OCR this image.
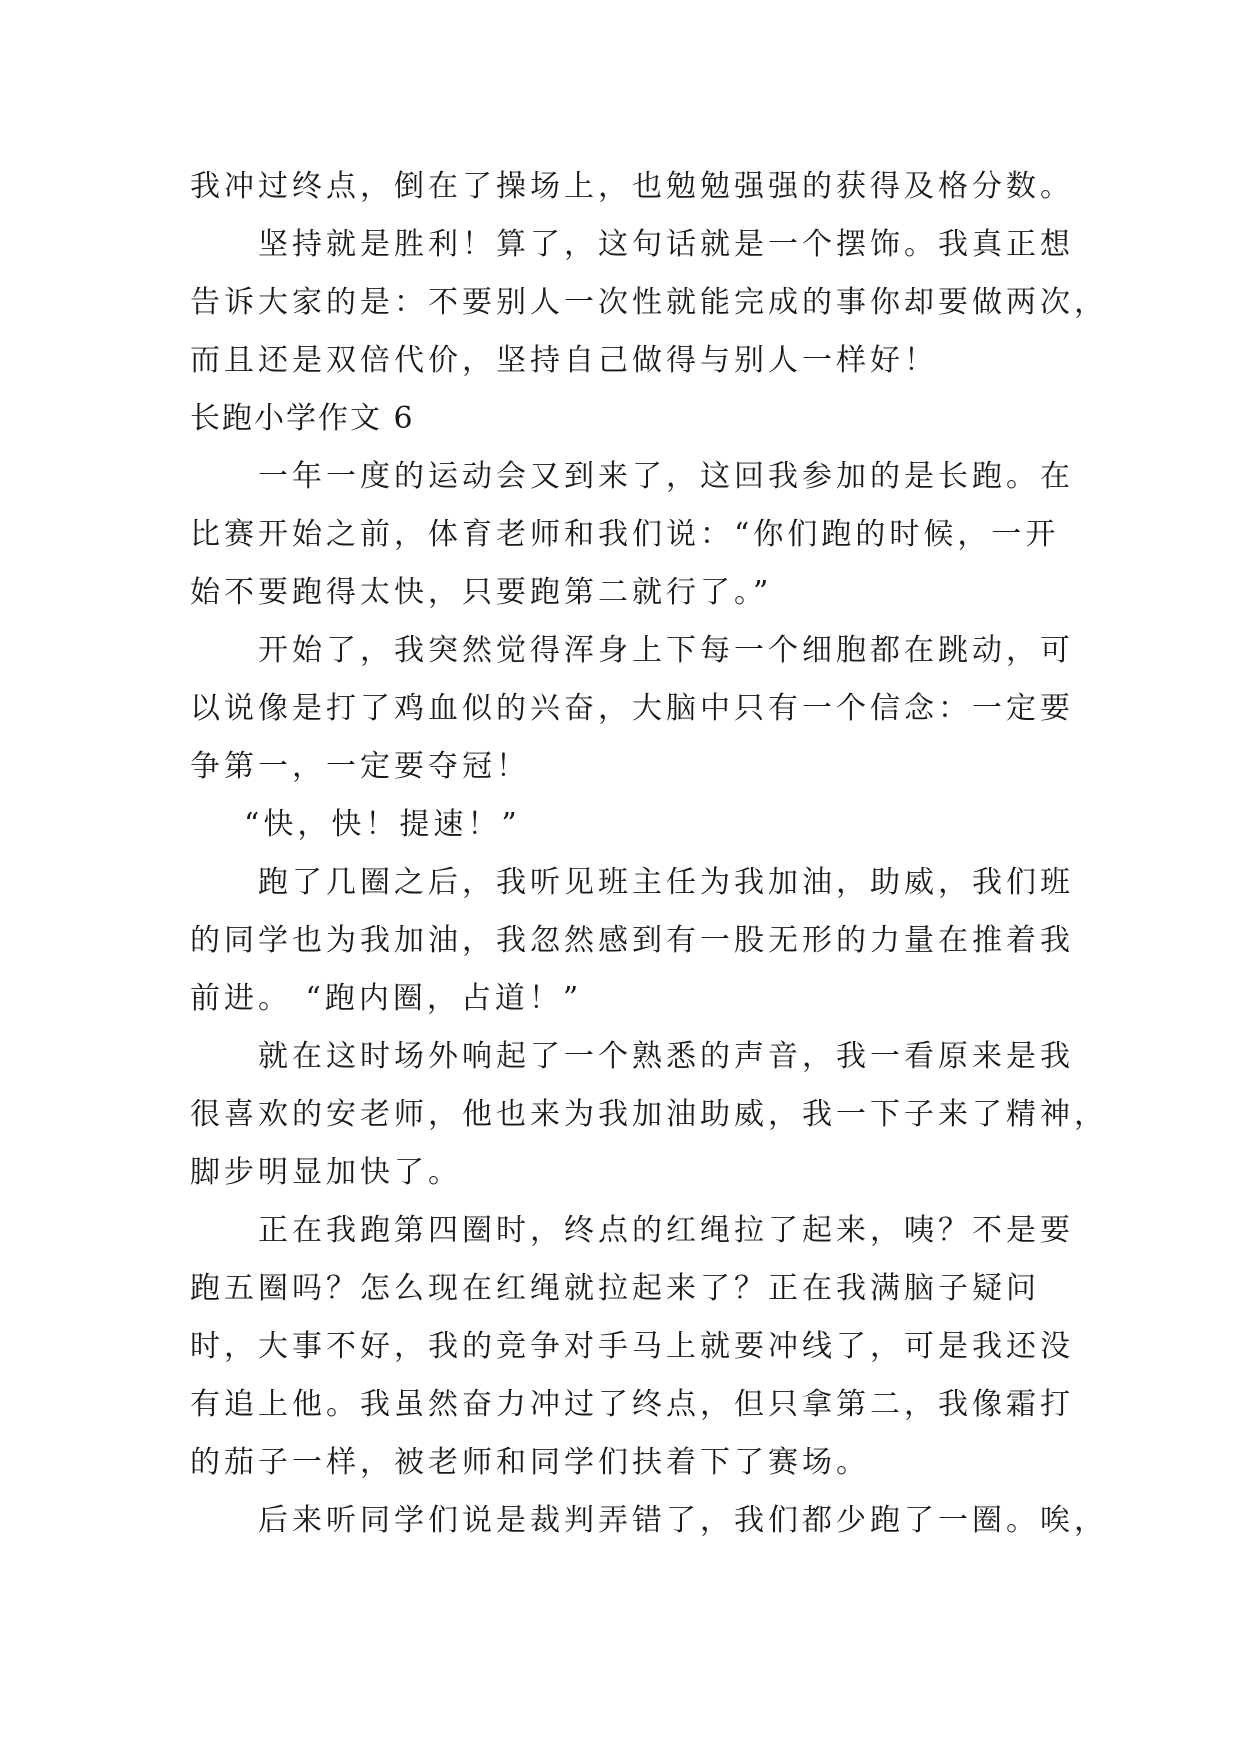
我冲过终点，倒在了操场上，也勉勉强强的获得及格分数。
坚持就是胜利！算了，这句话就是一个摆饰。我真正想
告诉大家的是：不要别人一次性就能完成的事你却要做两次，
而且还是双倍代价，坚持自己做得与别人一样好！
长跑小学作文 6
一年一度的运动会又到来了，这回我参加的是长跑。在
比赛开始之前，体育老师和我们说：“你们跑的时候，一开
始不要跑得太快，只要跑第二就行了。”
开始了，我突然觉得浑身上下每一个细胞都在跳动，可
以说像是打了鸡血似的兴奋，大脑中只有一个信念：一定要
争第一，一定要夺冠！
“快，快！提速！”
跑了几圈之后，我听见班主任为我加油，助威，我们班
的同学也为我加油，我忽然感到有一股无形的力量在推着我
前进。 “跑内圈，占道！”
就在这时场外响起了一个熟悉的声音，我一看原来是我
很喜欢的安老师，他也来为我加油助威，我一下子来了精神，
脚步明显加快了。
正在我跑第四圈时，终点的红绳拉了起来，咦？不是要
跑五圈吗？怎么现在红绳就拉起来了？正在我满脑子疑问
时，大事不好，我的竞争对手马上就要冲线了，可是我还没
有追上他。我虽然奋力冲过了终点，但只拿第二，我像霜打
的茄子一样，被老师和同学们扶着下了赛场。
后来听同学们说是裁判弄错了，我们都少跑了一圈。唉，
